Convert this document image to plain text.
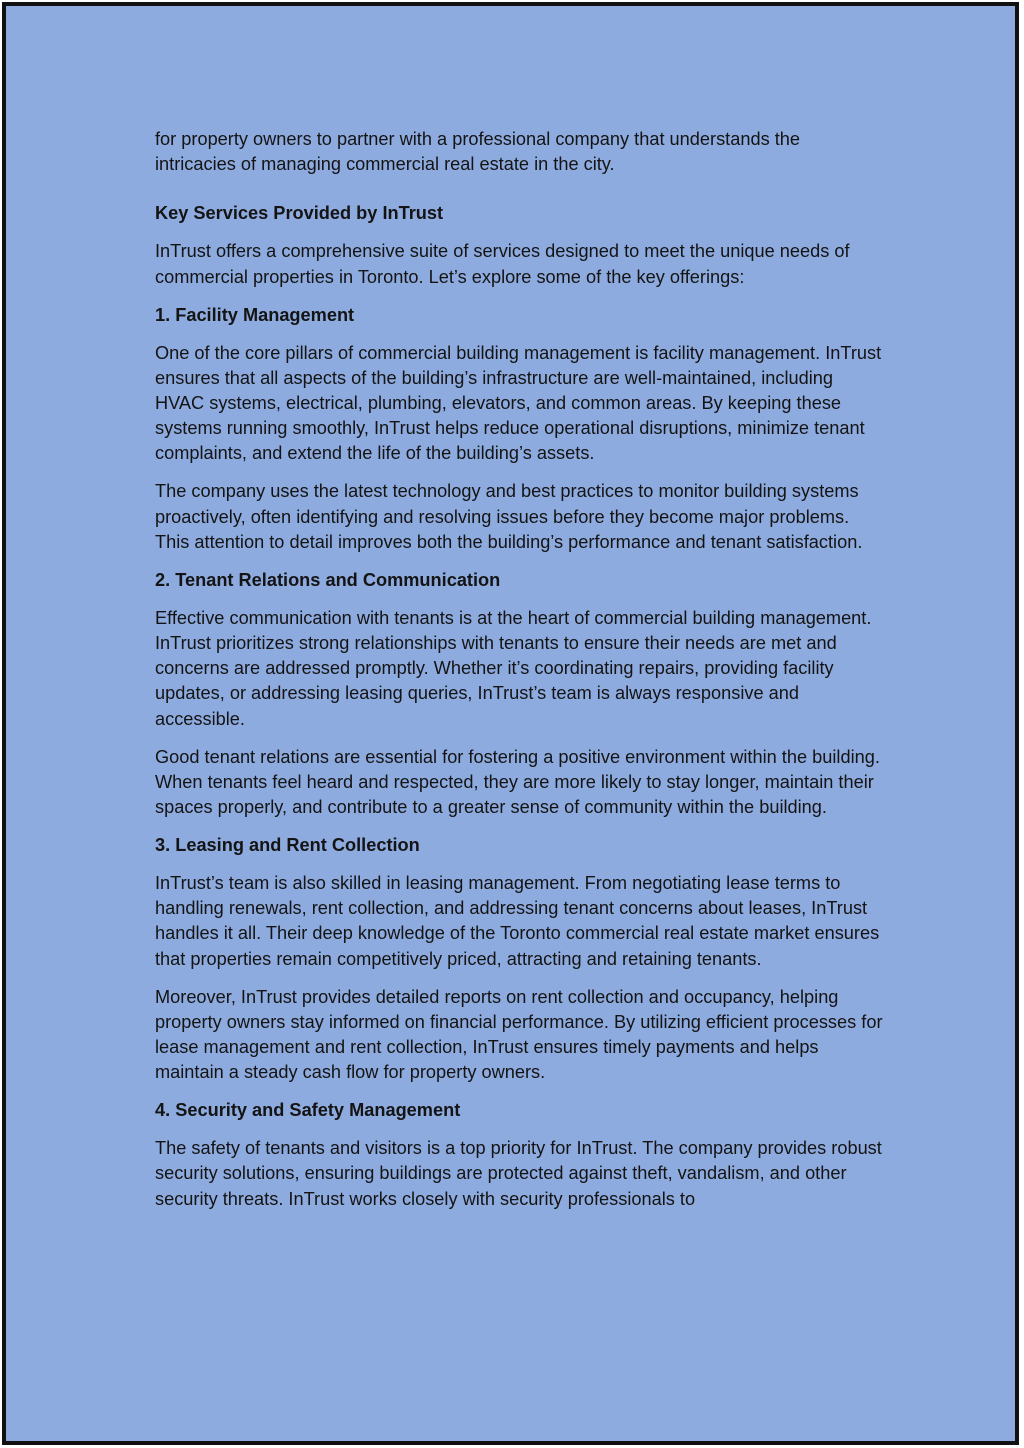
for property owners to partner with a professional company that understands the intricacies of managing commercial real estate in the city.

Key Services Provided by InTrust

InTrust offers a comprehensive suite of services designed to meet the unique needs of commercial properties in Toronto. Let’s explore some of the key offerings:

1. Facility Management

One of the core pillars of commercial building management is facility management. InTrust ensures that all aspects of the building’s infrastructure are well-maintained, including HVAC systems, electrical, plumbing, elevators, and common areas. By keeping these systems running smoothly, InTrust helps reduce operational disruptions, minimize tenant complaints, and extend the life of the building’s assets.

The company uses the latest technology and best practices to monitor building systems proactively, often identifying and resolving issues before they become major problems. This attention to detail improves both the building’s performance and tenant satisfaction.

2. Tenant Relations and Communication

Effective communication with tenants is at the heart of commercial building management. InTrust prioritizes strong relationships with tenants to ensure their needs are met and concerns are addressed promptly. Whether it’s coordinating repairs, providing facility updates, or addressing leasing queries, InTrust’s team is always responsive and accessible.

Good tenant relations are essential for fostering a positive environment within the building. When tenants feel heard and respected, they are more likely to stay longer, maintain their spaces properly, and contribute to a greater sense of community within the building.

3. Leasing and Rent Collection

InTrust’s team is also skilled in leasing management. From negotiating lease terms to handling renewals, rent collection, and addressing tenant concerns about leases, InTrust handles it all. Their deep knowledge of the Toronto commercial real estate market ensures that properties remain competitively priced, attracting and retaining tenants.

Moreover, InTrust provides detailed reports on rent collection and occupancy, helping property owners stay informed on financial performance. By utilizing efficient processes for lease management and rent collection, InTrust ensures timely payments and helps maintain a steady cash flow for property owners.

4. Security and Safety Management

The safety of tenants and visitors is a top priority for InTrust. The company provides robust security solutions, ensuring buildings are protected against theft, vandalism, and other security threats. InTrust works closely with security professionals to
